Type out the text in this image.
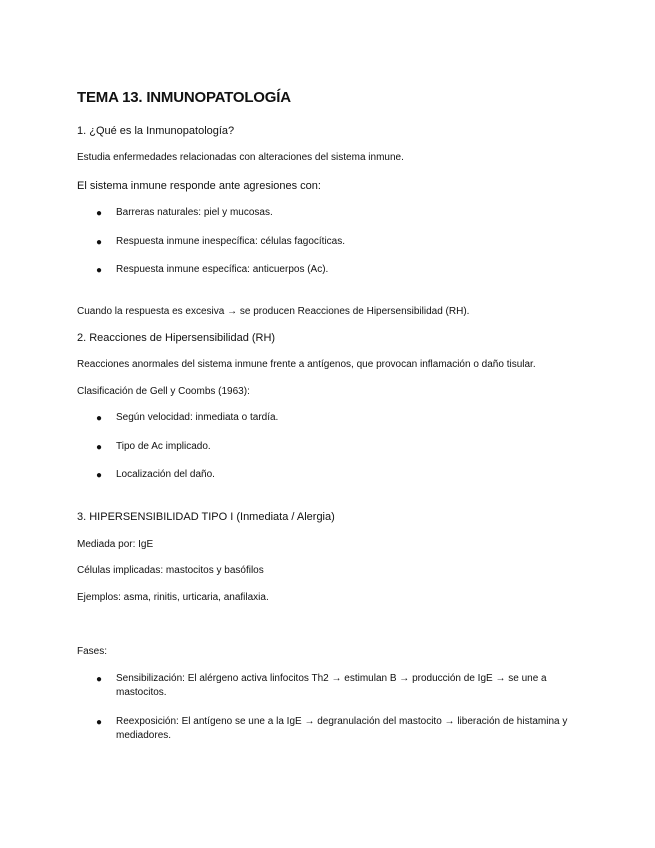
TEMA 13. INMUNOPATOLOGÍA
1. ¿Qué es la Inmunopatología?
Estudia enfermedades relacionadas con alteraciones del sistema inmune.
El sistema inmune responde ante agresiones con:
● Barreras naturales: piel y mucosas.
● Respuesta inmune inespecífica: células fagocíticas.
● Respuesta inmune específica: anticuerpos (Ac).
Cuando la respuesta es excesiva → se producen Reacciones de Hipersensibilidad (RH).
2. Reacciones de Hipersensibilidad (RH)
Reacciones anormales del sistema inmune frente a antígenos, que provocan inflamación o daño tisular.
Clasificación de Gell y Coombs (1963):
● Según velocidad: inmediata o tardía.
● Tipo de Ac implicado.
● Localización del daño.
3. HIPERSENSIBILIDAD TIPO I (Inmediata / Alergia)
Mediada por: IgE
Células implicadas: mastocitos y basófilos
Ejemplos: asma, rinitis, urticaria, anafilaxia.
Fases:
● Sensibilización: El alérgeno activa linfocitos Th2 → estimulan B → producción de IgE → se une a mastocitos.
● Reexposición: El antígeno se une a la IgE → degranulación del mastocito → liberación de histamina y mediadores.
